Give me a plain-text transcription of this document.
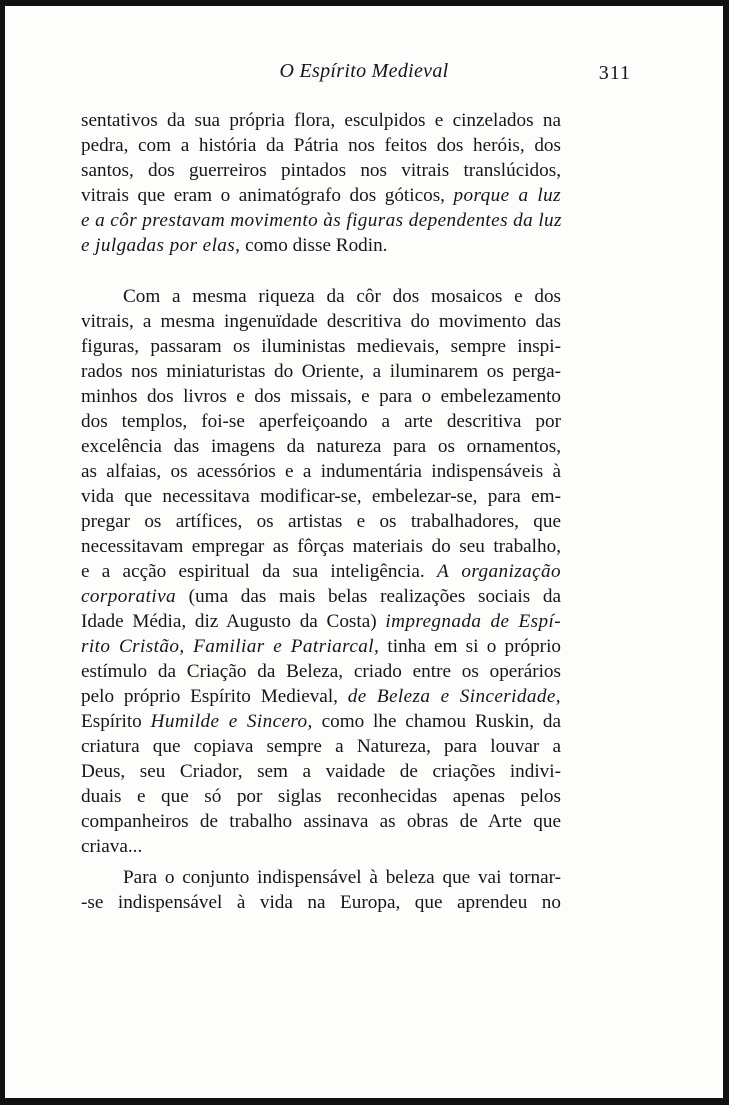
O Espírito Medieval	311
sentativos da sua própria flora, esculpidos e cinzelados na
pedra, com a história da Pátria nos feitos dos heróis, dos
santos, dos guerreiros pintados nos vitrais translúcidos,
vitrais que eram o animatógrafo dos góticos, porque a luz
e a côr prestavam movimento às figuras dependentes da luz
e julgadas por elas, como disse Rodin.
Com a mesma riqueza da côr dos mosaicos e dos
vitrais, a mesma ingenuïdade descritiva do movimento das
figuras, passaram os iluministas medievais, sempre inspi-
rados nos miniaturistas do Oriente, a iluminarem os perga-
minhos dos livros e dos missais, e para o embelezamento
dos templos, foi-se aperfeiçoando a arte descritiva por
excelência das imagens da natureza para os ornamentos,
as alfaias, os acessórios e a indumentária indispensáveis à
vida que necessitava modificar-se, embelezar-se, para em-
pregar os artífices, os artistas e os trabalhadores, que
necessitavam empregar as fôrças materiais do seu trabalho,
e a acção espiritual da sua inteligência. A organização
corporativa (uma das mais belas realizações sociais da
Idade Média, diz Augusto da Costa) impregnada de Espí-
rito Cristão, Familiar e Patriarcal, tinha em si o próprio
estímulo da Criação da Beleza, criado entre os operários
pelo próprio Espírito Medieval, de Beleza e Sinceridade,
Espírito Humilde e Sincero, como lhe chamou Ruskin, da
criatura que copiava sempre a Natureza, para louvar a
Deus, seu Criador, sem a vaidade de criações indivi-
duais e que só por siglas reconhecidas apenas pelos
companheiros de trabalho assinava as obras de Arte que
criava...
Para o conjunto indispensável à beleza que vai tornar-
-se indispensável à vida na Europa, que aprendeu no
